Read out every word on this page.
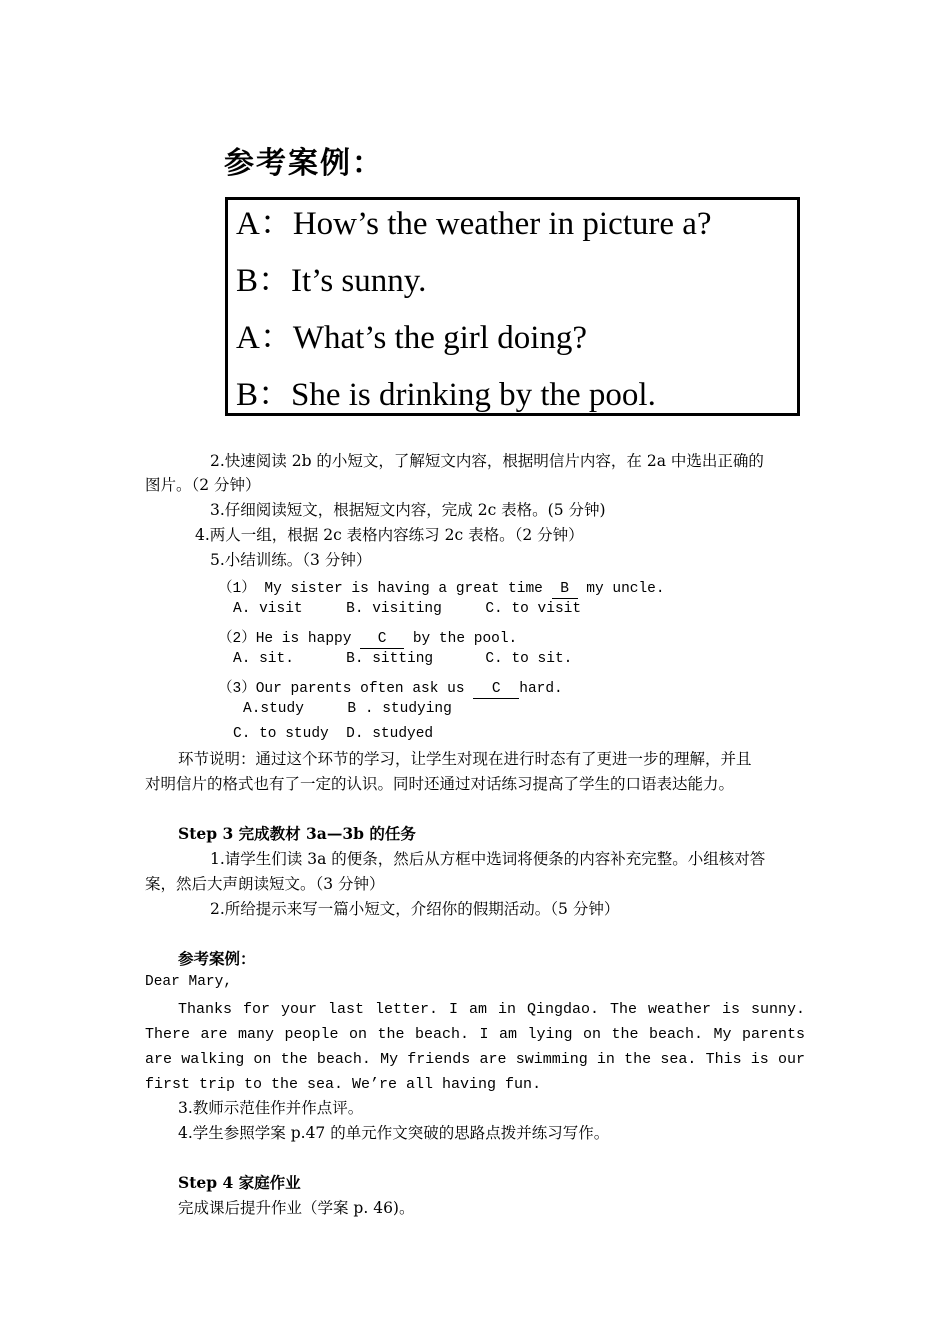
参考案例：
A：How’s the weather in picture a?
B：It’s sunny.
A：What’s the girl doing?
B：She is drinking by the pool.
2.快速阅读 2b 的小短文，了解短文内容，根据明信片内容，在 2a 中选出正确的
图片。（2 分钟）
3.仔细阅读短文，根据短文内容，完成 2c 表格。(5 分钟)
4.两人一组，根据 2c 表格内容练习 2c 表格。（2 分钟）
5.小结训练。（3 分钟）
（1） My sister is having a great time B my uncle.
A. visit     B. visiting     C. to visit
（2）He is happy C by the pool.
A. sit.      B. sitting      C. to sit.
（3）Our parents often ask us C hard.
A.study     B . studying
C. to study  D. studyed
环节说明：通过这个环节的学习，让学生对现在进行时态有了更进一步的理解，并且
对明信片的格式也有了一定的认识。同时还通过对话练习提高了学生的口语表达能力。
Step 3 完成教材 3a—3b 的任务
1.请学生们读 3a 的便条，然后从方框中选词将便条的内容补充完整。小组核对答
案，然后大声朗读短文。（3 分钟）
2.所给提示来写一篇小短文，介绍你的假期活动。（5 分钟）
参考案例：
Dear Mary,
Thanks for your last letter. I am in Qingdao. The weather is sunny. There are many people on the beach. I am lying on the beach. My parents are walking on the beach. My friends are swimming in the sea. This is our first trip to the sea. We’re all having fun.
3.教师示范佳作并作点评。
4.学生参照学案 p.47 的单元作文突破的思路点拨并练习写作。
Step 4 家庭作业
完成课后提升作业（学案 p. 46)。
